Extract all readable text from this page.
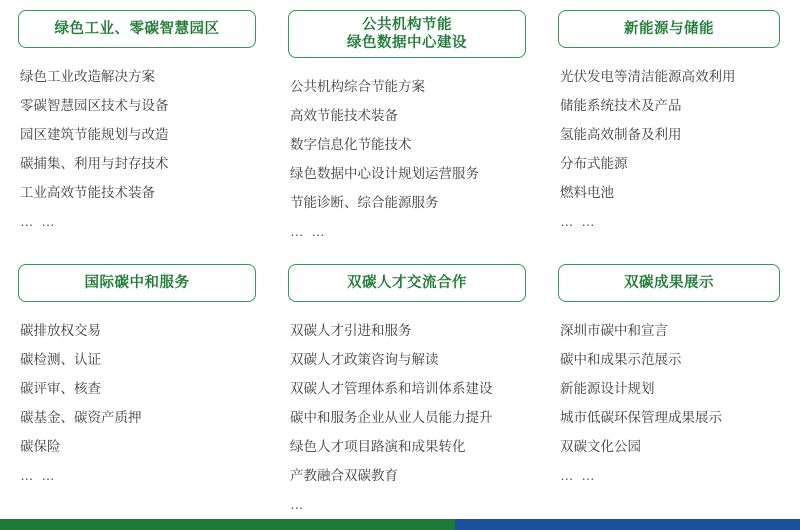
绿色工业、零碳智慧园区
绿色工业改造解决方案
零碳智慧园区技术与设备
园区建筑节能规划与改造
碳捕集、利用与封存技术
工业高效节能技术装备
… …
公共机构节能
绿色数据中心建设
公共机构综合节能方案
高效节能技术装备
数字信息化节能技术
绿色数据中心设计规划运营服务
节能诊断、综合能源服务
… …
新能源与储能
光伏发电等清洁能源高效利用
储能系统技术及产品
氢能高效制备及利用
分布式能源
燃料电池
… …
国际碳中和服务
碳排放权交易
碳检测、认证
碳评审、核查
碳基金、碳资产质押
碳保险
… …
双碳人才交流合作
双碳人才引进和服务
双碳人才政策咨询与解读
双碳人才管理体系和培训体系建设
碳中和服务企业从业人员能力提升
绿色人才项目路演和成果转化
产教融合双碳教育
…
双碳成果展示
深圳市碳中和宣言
碳中和成果示范展示
新能源设计规划
城市低碳环保管理成果展示
双碳文化公园
… …
